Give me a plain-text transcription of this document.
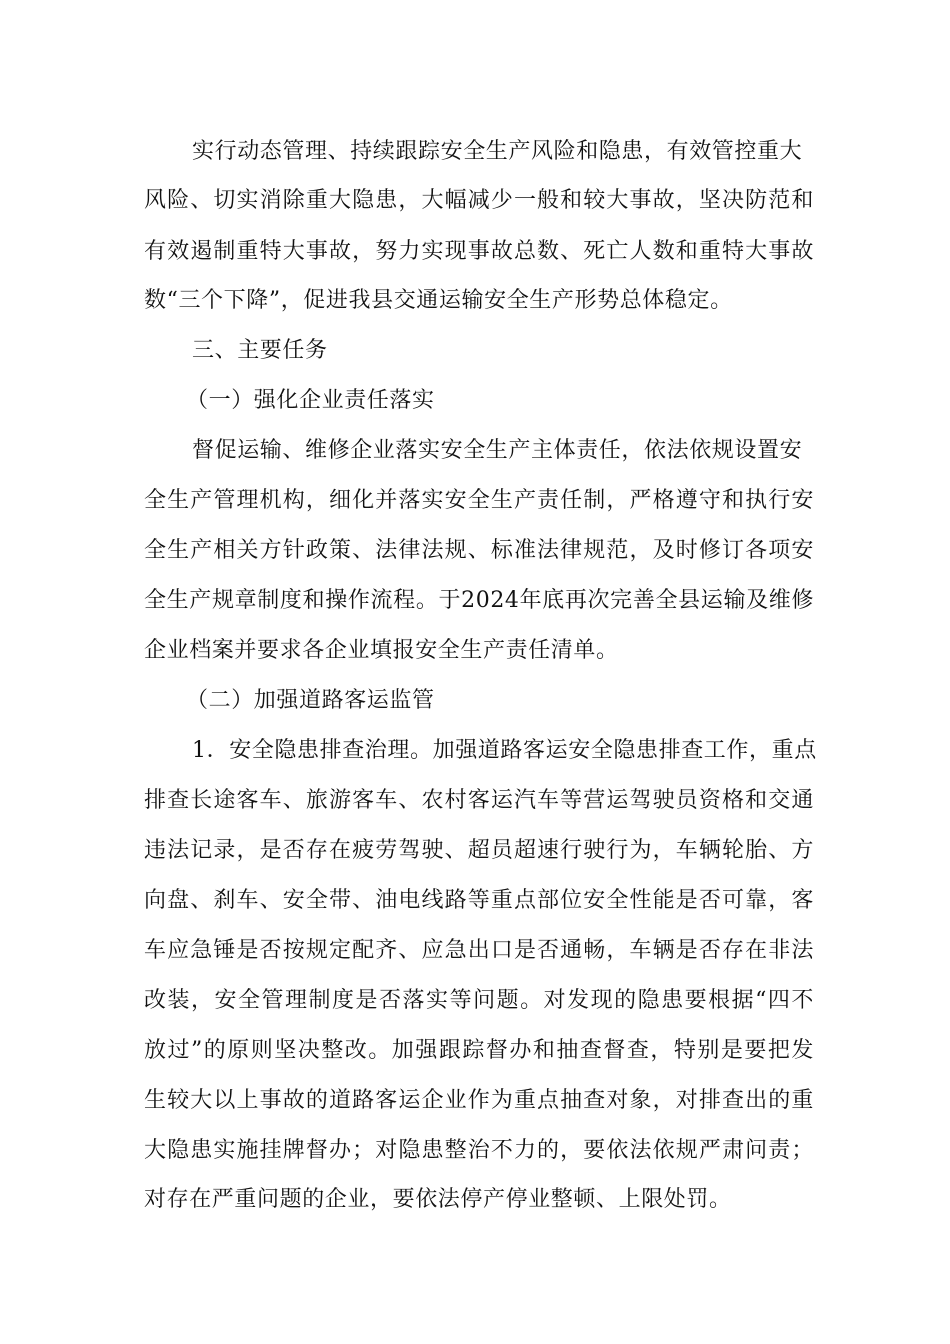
实行动态管理、持续跟踪安全生产风险和隐患，有效管控重大
风险、切实消除重大隐患，大幅减少一般和较大事故，坚决防范和
有效遏制重特大事故，努力实现事故总数、死亡人数和重特大事故
数“三个下降”，促进我县交通运输安全生产形势总体稳定。
三、主要任务
（一）强化企业责任落实
督促运输、维修企业落实安全生产主体责任，依法依规设置安
全生产管理机构，细化并落实安全生产责任制，严格遵守和执行安
全生产相关方针政策、法律法规、标准法律规范，及时修订各项安
全生产规章制度和操作流程。于2024年底再次完善全县运输及维修
企业档案并要求各企业填报安全生产责任清单。
（二）加强道路客运监管
1．安全隐患排查治理。加强道路客运安全隐患排查工作，重点
排查长途客车、旅游客车、农村客运汽车等营运驾驶员资格和交通
违法记录，是否存在疲劳驾驶、超员超速行驶行为，车辆轮胎、方
向盘、刹车、安全带、油电线路等重点部位安全性能是否可靠，客
车应急锤是否按规定配齐、应急出口是否通畅，车辆是否存在非法
改装，安全管理制度是否落实等问题。对发现的隐患要根据“四不
放过”的原则坚决整改。加强跟踪督办和抽查督查，特别是要把发
生较大以上事故的道路客运企业作为重点抽查对象，对排查出的重
大隐患实施挂牌督办；对隐患整治不力的，要依法依规严肃问责；
对存在严重问题的企业，要依法停产停业整顿、上限处罚。
